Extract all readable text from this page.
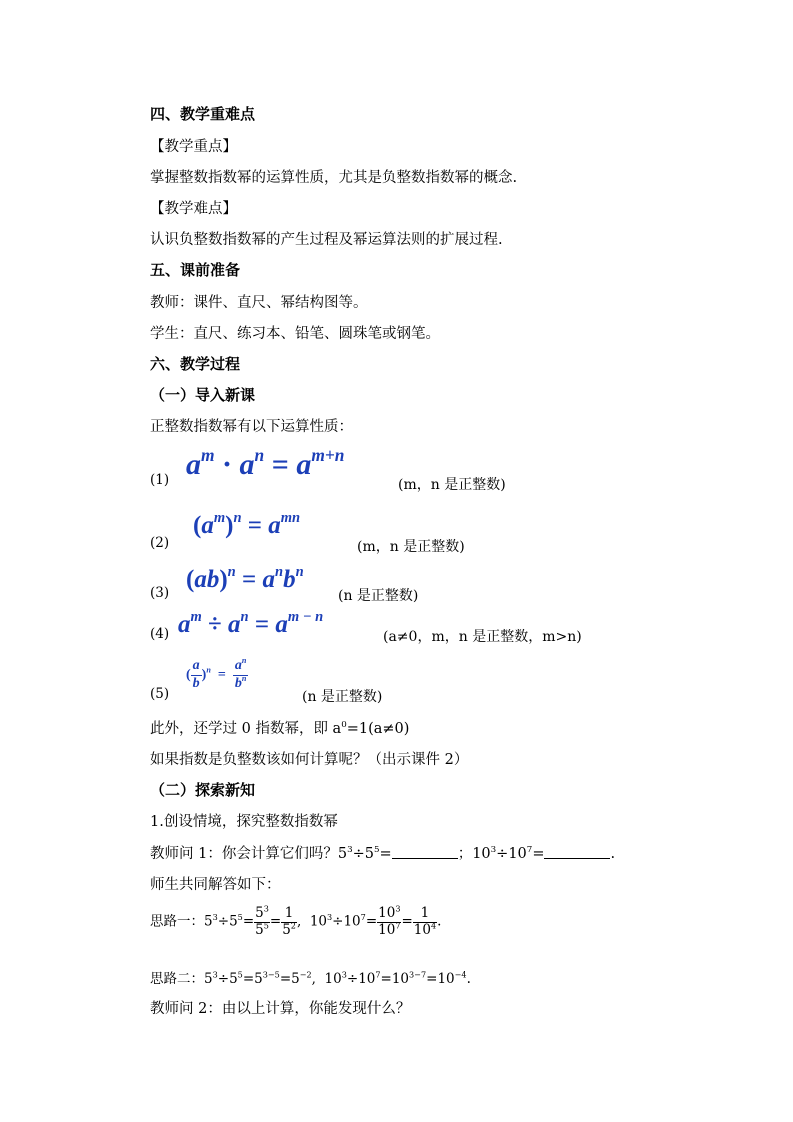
四、教学重难点
【教学重点】
掌握整数指数幂的运算性质，尤其是负整数指数幂的概念.
【教学难点】
认识负整数指数幂的产生过程及幂运算法则的扩展过程.
五、课前准备
教师：课件、直尺、幂结构图等。
学生：直尺、练习本、铅笔、圆珠笔或钢笔。
六、教学过程
（一）导入新课
正整数指数幂有以下运算性质：
(1) $a^m \cdot a^n = a^{m+n}$
(m，n 是正整数)
(2)
$(a^m)^n = a^{mn}$
(m，n 是正整数)
(3) $(ab)^n = a^nb^n$
(n 是正整数)
(4) $a^m \div a^n = a^{m - n}$
(a≠0，m，n 是正整数，m>n)
(5)
( $\frac{a}{b} )^n = \frac{a^n}{b^n}$
(n 是正整数)
此外，还学过 0 指数幂，即 $a^0=1(a\ne 0)$
如果指数是负整数该如何计算呢？（出示课件 2）
（二）探索新知
1.创设情境，探究整数指数幂
教师问 1：你会计算它们吗？$5^3\div 5^5=$	；$10^3\div 10^7=$	.
师生共同解答如下：
思路一：$5^3\div 5^5= \frac{5^3}{5^5} = \frac{1}{5^2}$ ,  $10^3\div 10^7= \frac{10^3}{10^7} = \frac{1}{10^4}$ .
思路二：$5^3\div 5^5=5^{3-5}=5^{-2}$,  $10^3\div 10^7=10^{3-7}=10^{-4}$.
教师问 2：由以上计算，你能发现什么？
